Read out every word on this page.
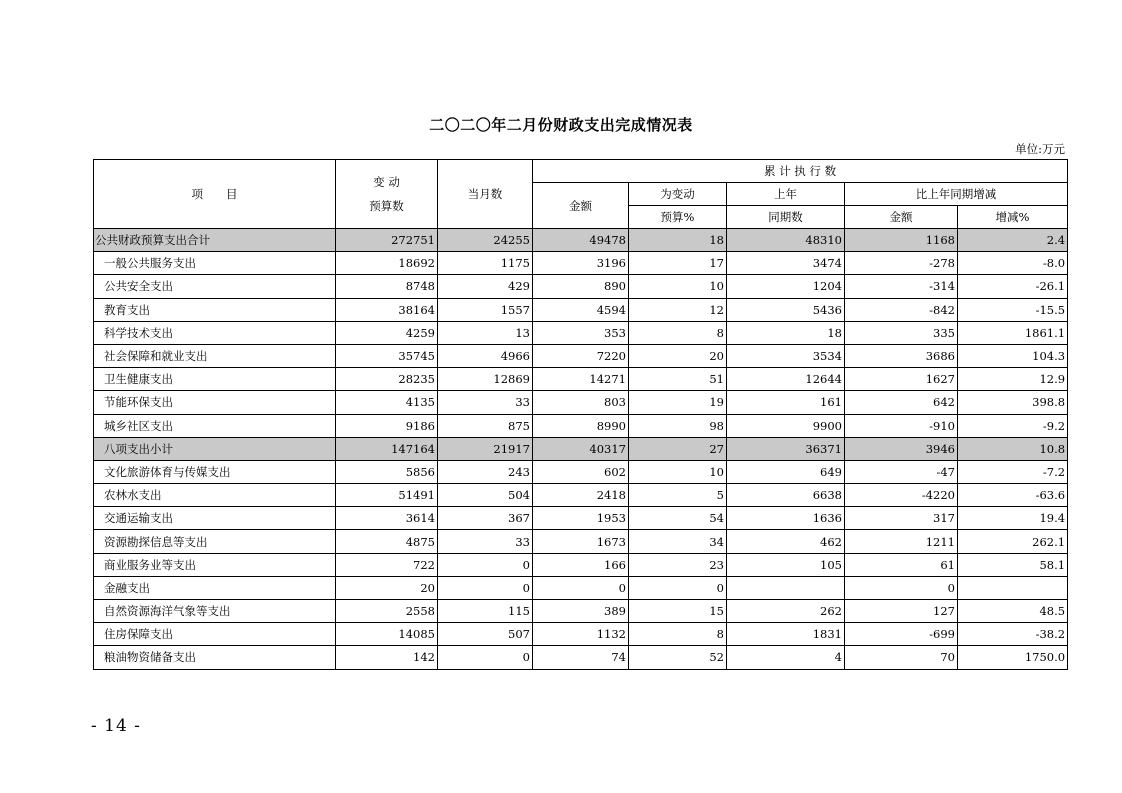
二〇二〇年二月份财政支出完成情况表
单位:万元
项　　目	变 动
预算数	当月数	累 计 执 行 数				
			金额	为变动	上年	比上年同期增减	
				预算%	同期数	金额	增减%
公共财政预算支出合计	272751	24255	49478	18	48310	1168	2.4
一般公共服务支出	18692	1175	3196	17	3474	-278	-8.0
公共安全支出	8748	429	890	10	1204	-314	-26.1
教育支出	38164	1557	4594	12	5436	-842	-15.5
科学技术支出	4259	13	353	8	18	335	1861.1
社会保障和就业支出	35745	4966	7220	20	3534	3686	104.3
卫生健康支出	28235	12869	14271	51	12644	1627	12.9
节能环保支出	4135	33	803	19	161	642	398.8
城乡社区支出	9186	875	8990	98	9900	-910	-9.2
八项支出小计	147164	21917	40317	27	36371	3946	10.8
文化旅游体育与传媒支出	5856	243	602	10	649	-47	-7.2
农林水支出	51491	504	2418	5	6638	-4220	-63.6
交通运输支出	3614	367	1953	54	1636	317	19.4
资源勘探信息等支出	4875	33	1673	34	462	1211	262.1
商业服务业等支出	722	0	166	23	105	61	58.1
金融支出	20	0	0	0		0	
自然资源海洋气象等支出	2558	115	389	15	262	127	48.5
住房保障支出	14085	507	1132	8	1831	-699	-38.2
粮油物资储备支出	142	0	74	52	4	70	1750.0
- 14 -
